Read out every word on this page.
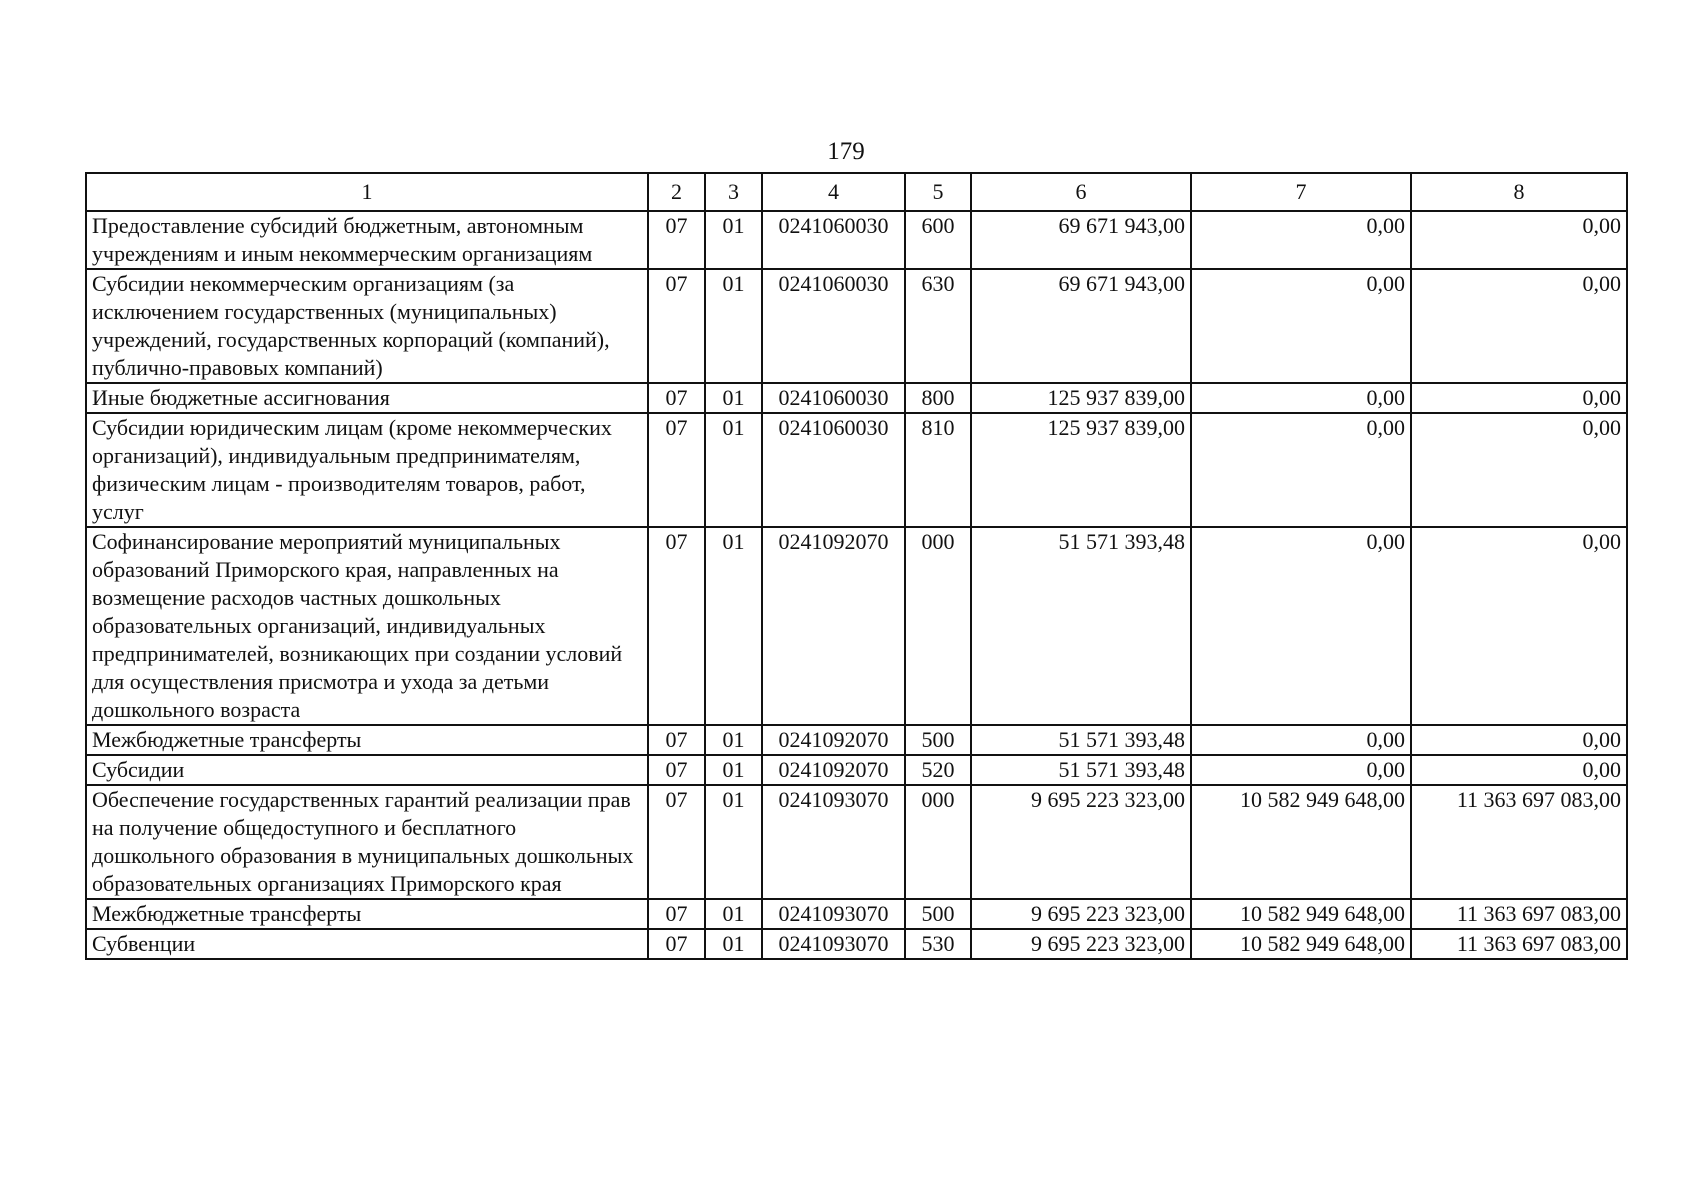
179
1	2	3	4	5	6	7	8
Предоставление субсидий бюджетным, автономным учреждениям и иным некоммерческим организациям	07	01	0241060030	600	69 671 943,00	0,00	0,00
Субсидии некоммерческим организациям (за исключением государственных (муниципальных) учреждений, государственных корпораций (компаний), публично-правовых компаний)	07	01	0241060030	630	69 671 943,00	0,00	0,00
Иные бюджетные ассигнования	07	01	0241060030	800	125 937 839,00	0,00	0,00
Субсидии юридическим лицам (кроме некоммерческих организаций), индивидуальным предпринимателям, физическим лицам - производителям товаров, работ, услуг	07	01	0241060030	810	125 937 839,00	0,00	0,00
Софинансирование мероприятий муниципальных образований Приморского края, направленных на возмещение расходов частных дошкольных образовательных организаций, индивидуальных предпринимателей, возникающих при создании условий для осуществления присмотра и ухода за детьми дошкольного возраста	07	01	0241092070	000	51 571 393,48	0,00	0,00
Межбюджетные трансферты	07	01	0241092070	500	51 571 393,48	0,00	0,00
Субсидии	07	01	0241092070	520	51 571 393,48	0,00	0,00
Обеспечение государственных гарантий реализации прав на получение общедоступного и бесплатного дошкольного образования в муниципальных дошкольных образовательных организациях Приморского края	07	01	0241093070	000	9 695 223 323,00	10 582 949 648,00	11 363 697 083,00
Межбюджетные трансферты	07	01	0241093070	500	9 695 223 323,00	10 582 949 648,00	11 363 697 083,00
Субвенции	07	01	0241093070	530	9 695 223 323,00	10 582 949 648,00	11 363 697 083,00
